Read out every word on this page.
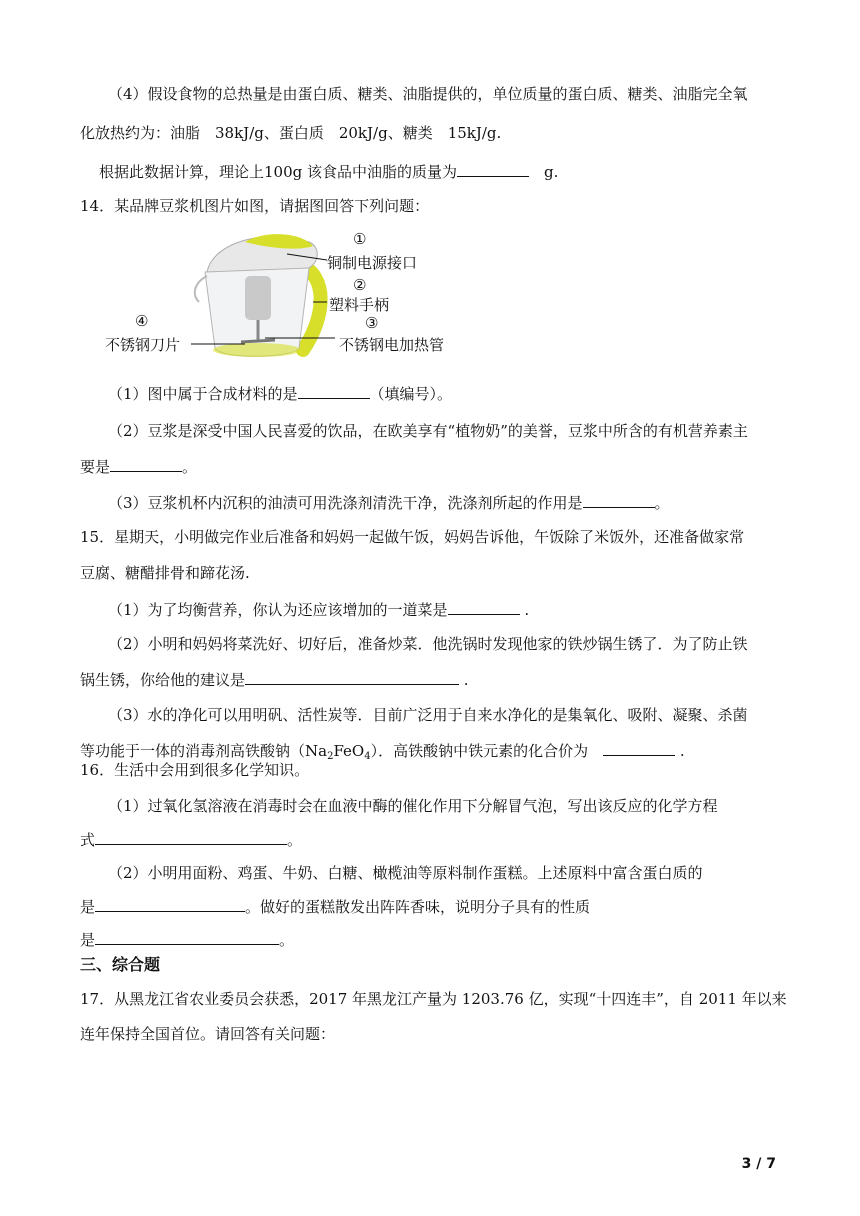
（4）假设食物的总热量是由蛋白质、糖类、油脂提供的，单位质量的蛋白质、糖类、油脂完全氧
化放热约为：油脂　38kJ/g、蛋白质　20kJ/g、糖类　15kJ/g.
根据此数据计算，理论上100g 该食品中油脂的质量为	　g.
14．某品牌豆浆机图片如图，请据图回答下列问题：
①
铜制电源接口
②
塑料手柄
③
不锈钢电加热管
④
不锈钢刀片
（1）图中属于合成材料的是	（填编号）。
（2）豆浆是深受中国人民喜爱的饮品，在欧美享有“植物奶”的美誉，豆浆中所含的有机营养素主
要是	。
（3）豆浆机杯内沉积的油渍可用洗涤剂清洗干净，洗涤剂所起的作用是	。
15．星期天，小明做完作业后准备和妈妈一起做午饭，妈妈告诉他，午饭除了米饭外，还准备做家常
豆腐、糖醋排骨和蹄花汤.
（1）为了均衡营养，你认为还应该增加的一道菜是	.
（2）小明和妈妈将菜洗好、切好后，准备炒菜．他洗锅时发现他家的铁炒锅生锈了．为了防止铁
锅生锈，你给他的建议是	.
（3）水的净化可以用明矾、活性炭等．目前广泛用于自来水净化的是集氧化、吸附、凝聚、杀菌
等功能于一体的消毒剂高铁酸钠$(Na_2FeO_4)$．高铁酸钠中铁元素的化合价为　	.
16．生活中会用到很多化学知识。
（1）过氧化氢溶液在消毒时会在血液中酶的催化作用下分解冒气泡，写出该反应的化学方程
式	。
（2）小明用面粉、鸡蛋、牛奶、白糖、橄榄油等原料制作蛋糕。上述原料中富含蛋白质的
是	。做好的蛋糕散发出阵阵香味，说明分子具有的性质
是	。
三、综合题
17．从黑龙江省农业委员会获悉，2017 年黑龙江产量为 1203.76 亿，实现“十四连丰”，自 2011 年以来
连年保持全国首位。请回答有关问题：
3 / 7
